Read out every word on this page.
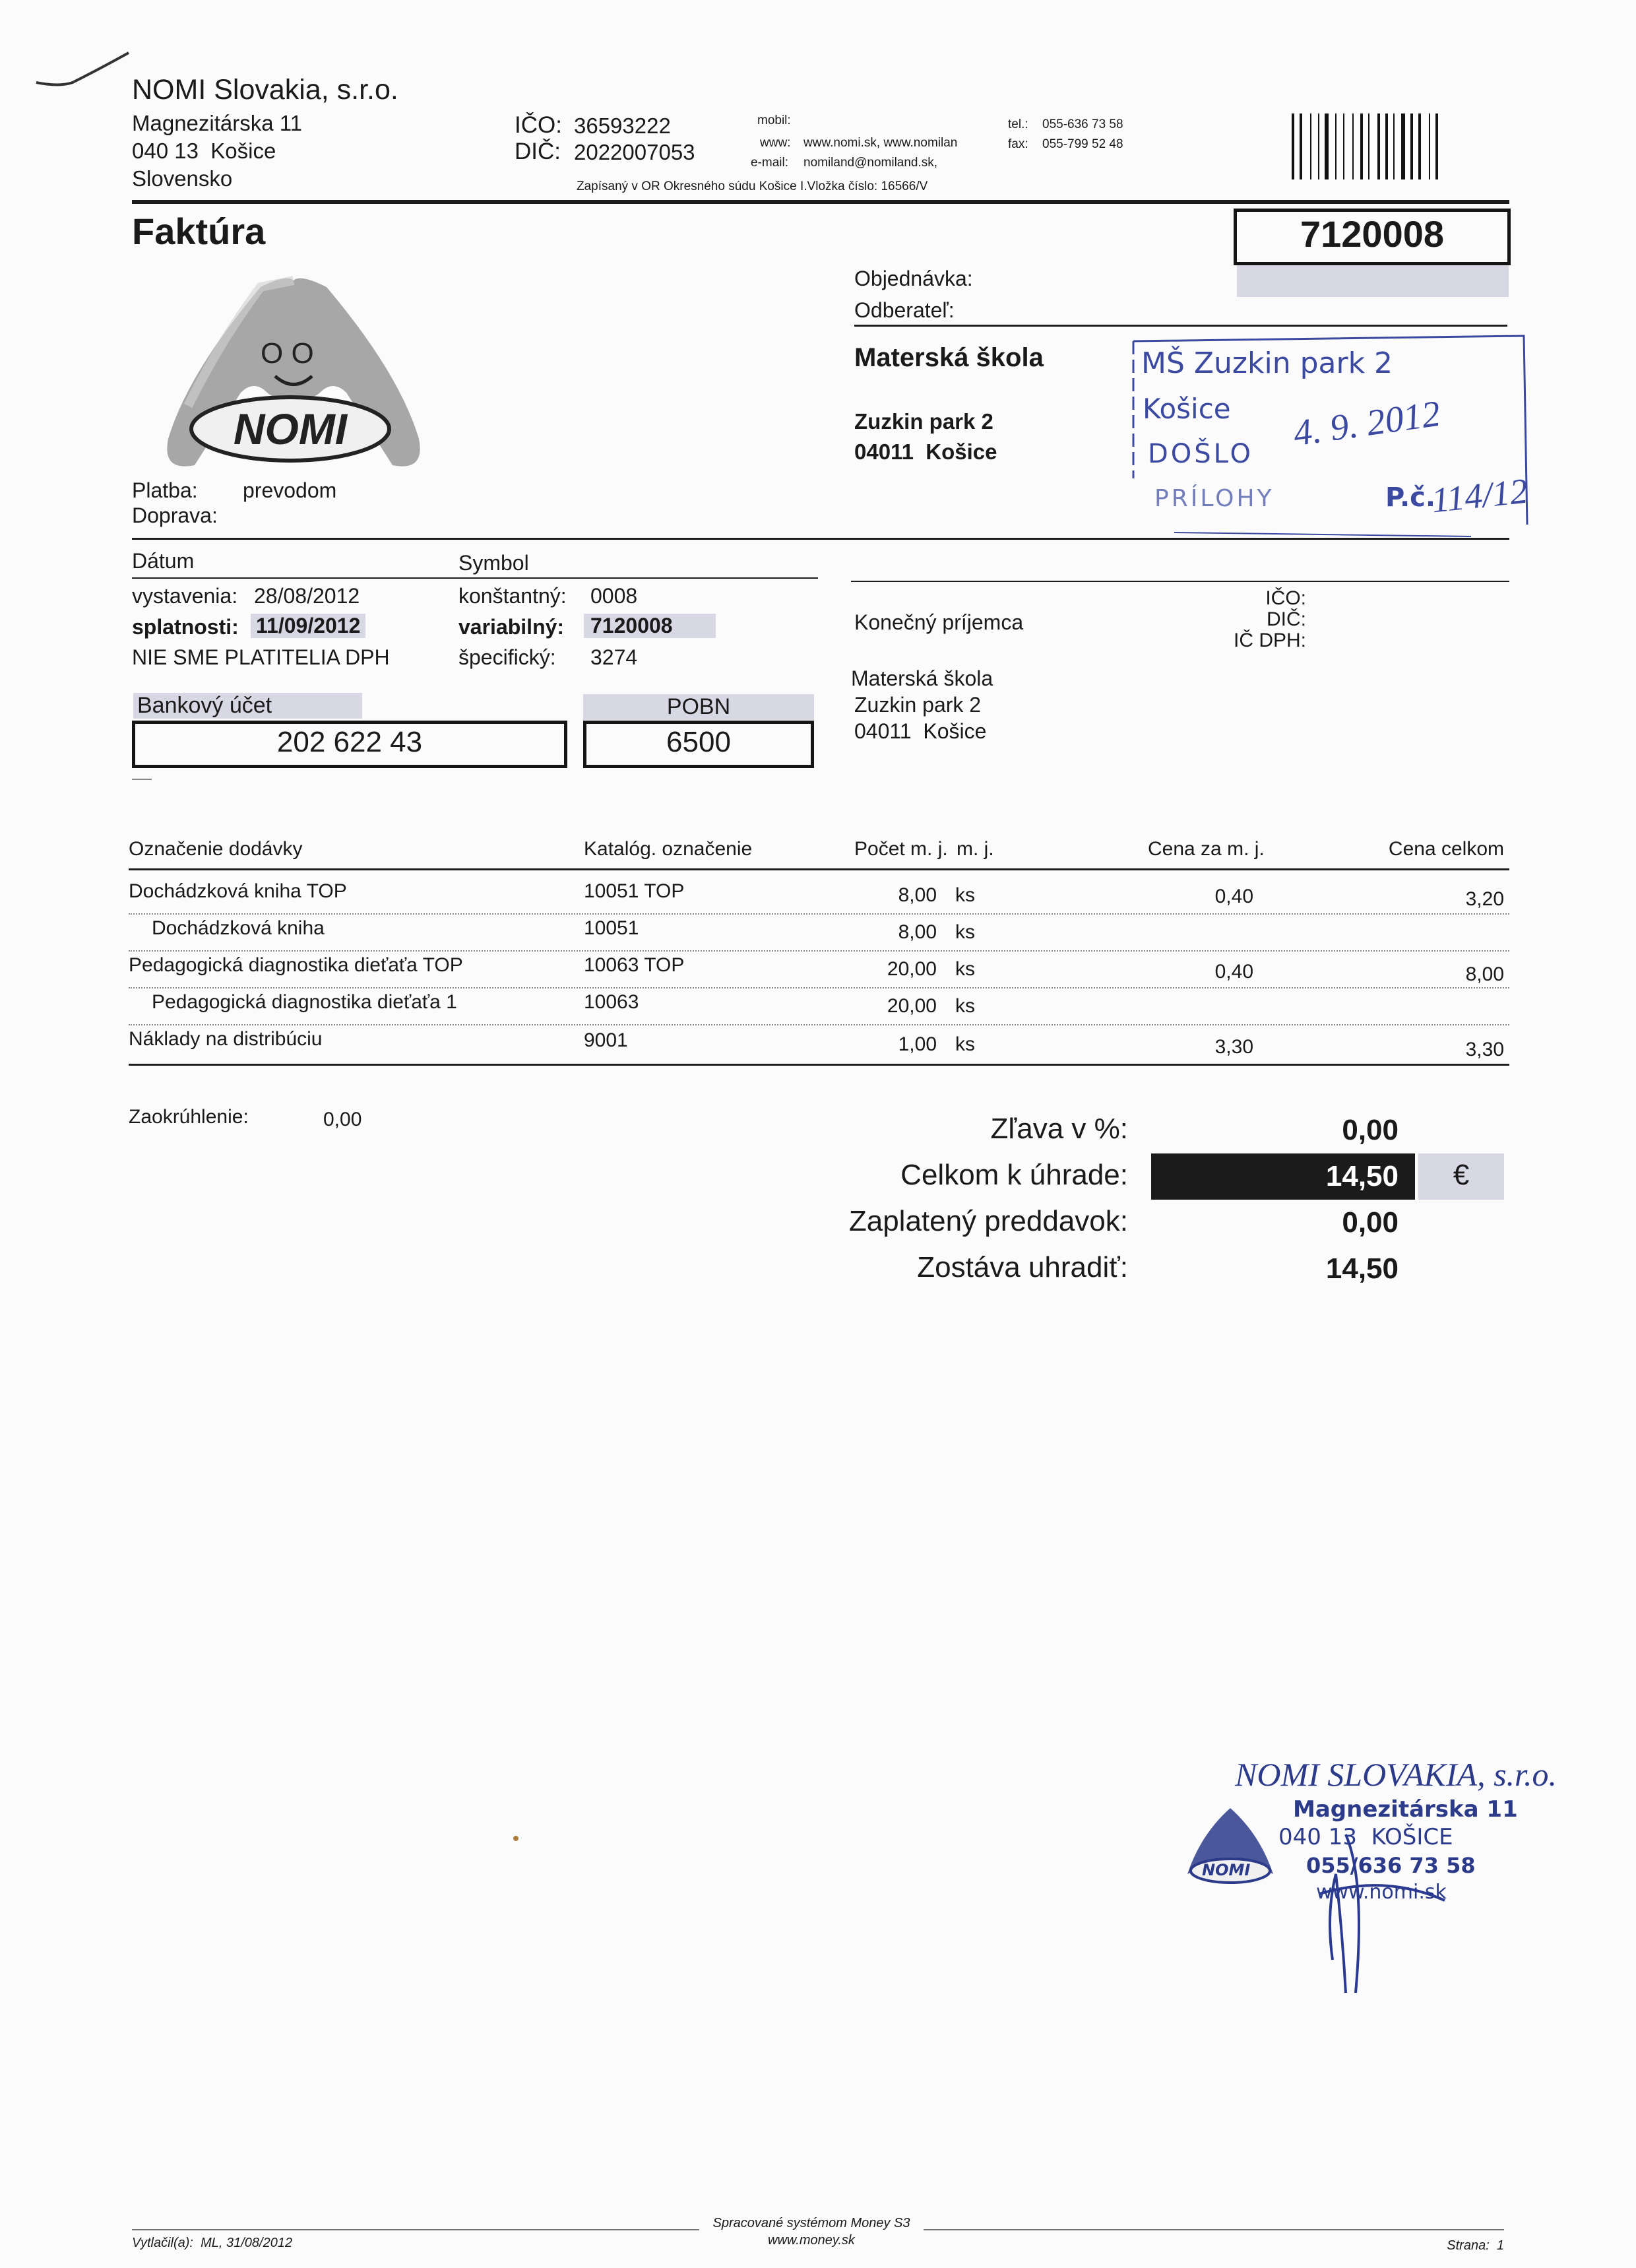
NOMI Slovakia, s.r.o.
Magnezitárska 11
040 13  Košice
Slovensko
IČO: 36593222
DIČ: 2022007053
mobil:
www: www.nomi.sk, www.nomilan
e-mail: nomiland@nomiland.sk,
tel.: 055-636 73 58
fax: 055-799 52 48
Zapísaný v OR Okresného súdu Košice I.Vložka číslo: 16566/V
Faktúra	7120008
O O
NOMI
Objednávka:
Odberateľ:
Materská škola
Zuzkin park 2
04011  Košice
MŠ Zuzkin park 2
Košice
DOŠLO
PRÍLOHY	P.č.
4. 9. 2012
114/12
Platba: prevodom
Doprava:
Dátum
vystavenia: 28/08/2012
splatnosti: 11/09/2012
NIE SME PLATITELIA DPH
Symbol
konštantný: 0008
variabilný:	7120008
špecifický: 3274
Bankový účet
202 622 43
POBN
6500
IČO:
DIČ:
IČ DPH:
Konečný príjemca
Materská škola
Zuzkin park 2
04011  Košice
Označenie dodávky	Katalóg. označenie	Počet m. j. m. j.	Cena za m. j.	Cena celkom
Dochádzková kniha TOP	10051 TOP	8,00 ks	0,40	3,20
Dochádzková kniha	10051	8,00 ks
Pedagogická diagnostika dieťaťa TOP	10063 TOP	20,00 ks	0,40	8,00
Pedagogická diagnostika dieťaťa 1	10063	20,00 ks
Náklady na distribúciu	9001	1,00 ks	3,30	3,30
Zaokrúhlenie:	0,00	Zľava v %:	0,00
Celkom k úhrade:	14,50	€
Zaplatený preddavok:	0,00
Zostáva uhradiť:	14,50
NOMI
NOMI SLOVAKIA, s.r.o.
Magnezitárska 11
040 13  KOŠICE
055/636 73 58
www.nomi.sk
Vytlačil(a):  ML, 31/08/2012
Spracované systémom Money S3
www.money.sk	Strana:  1
